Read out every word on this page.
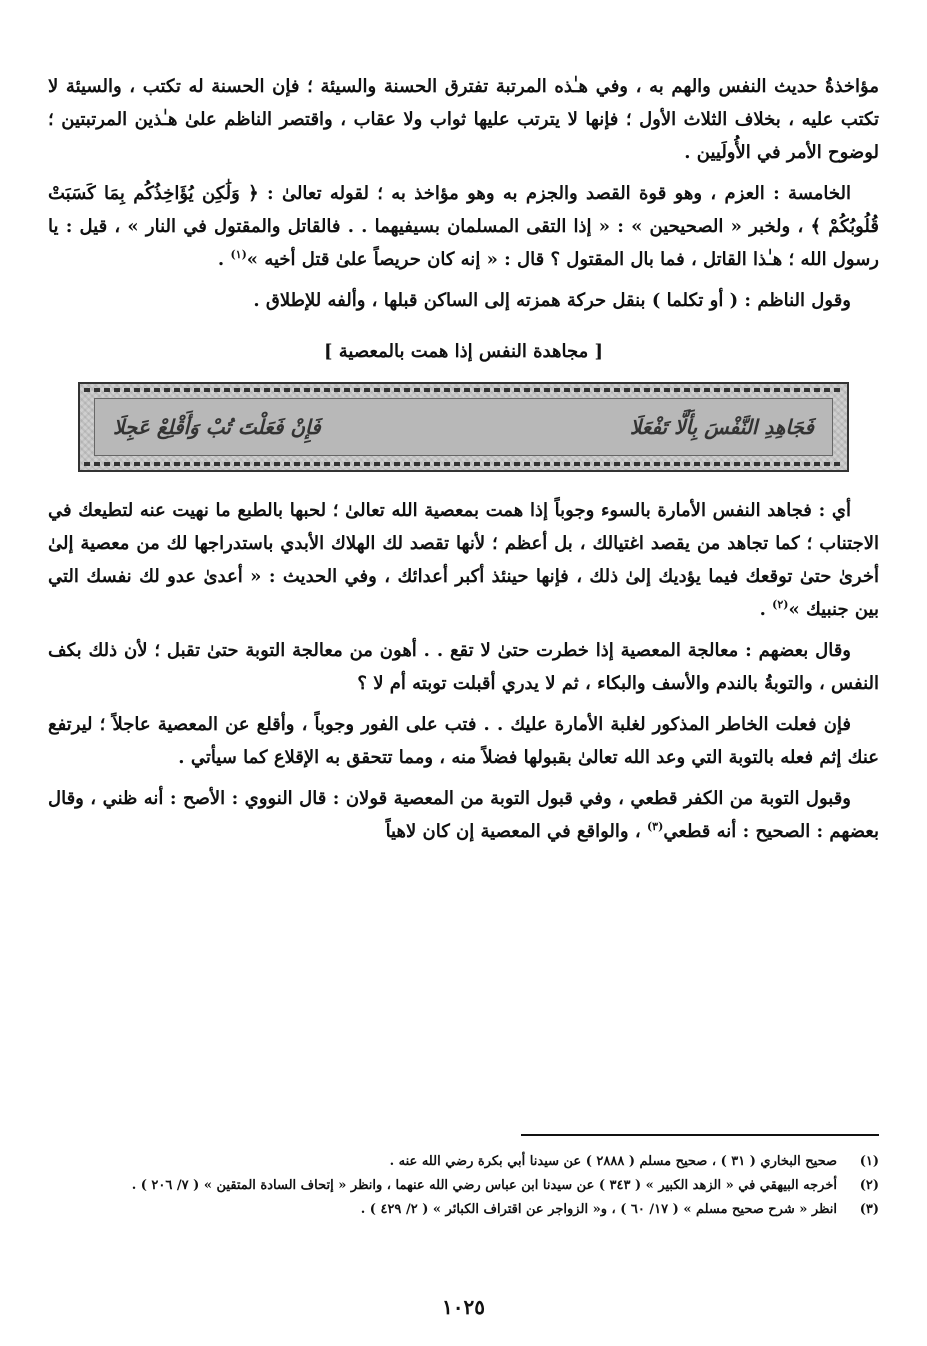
مؤاخذةُ حديث النفس والهم به ، وفي هـٰذه المرتبة تفترق الحسنة والسيئة ؛ فإن الحسنة له تكتب ، والسيئة لا تكتب عليه ، بخلاف الثلاث الأول ؛ فإنها لا يترتب عليها ثواب ولا عقاب ، واقتصر الناظم علىٰ هـٰذين المرتبتين ؛ لوضوح الأمر في الأُولَيين .

الخامسة : العزم ، وهو قوة القصد والجزم به وهو مؤاخذ به ؛ لقوله تعالىٰ : ﴿ وَلَٰكِن يُؤَاخِذُكُم بِمَا كَسَبَتْ قُلُوبُكُمْ ﴾ ، ولخبر « الصحيحين » : « إذا التقى المسلمان بسيفيهما . . فالقاتل والمقتول في النار » ، قيل : يا رسول الله ؛ هـٰذا القاتل ، فما بال المقتول ؟ قال : « إنه كان حريصاً علىٰ قتل أخيه »$^{(١)}$ .

وقول الناظم : ( أو تكلما ) بنقل حركة همزته إلى الساكن قبلها ، وألفه للإطلاق .

[ مجاهدة النفس إذا همت بالمعصية ]
فَجَاهِدِ النَّفْسَ بِأَلَّا تَفْعَلَا
فَإِنْ فَعَلْتَ تُبْ وَأَقْلِعْ عَجِلَا

أي : فجاهد النفس الأمارة بالسوء وجوباً إذا همت بمعصية الله تعالىٰ ؛ لحبها بالطبع ما نهيت عنه لتطيعك في الاجتناب ؛ كما تجاهد من يقصد اغتيالك ، بل أعظم ؛ لأنها تقصد لك الهلاك الأبدي باستدراجها لك من معصية إلىٰ أخرىٰ حتىٰ توقعك فيما يؤديك إلىٰ ذلك ، فإنها حينئذ أكبر أعدائك ، وفي الحديث : « أعدىٰ عدو لك نفسك التي بين جنبيك »$^{(٢)}$ .

وقال بعضهم : معالجة المعصية إذا خطرت حتىٰ لا تقع . . أهون من معالجة التوبة حتىٰ تقبل ؛ لأن ذلك بكف النفس ، والتوبةُ بالندم والأسف والبكاء ، ثم لا يدري أقبلت توبته أم لا ؟

فإن فعلت الخاطر المذكور لغلبة الأمارة عليك . . فتب على الفور وجوباً ، وأقلع عن المعصية عاجلاً ؛ ليرتفع عنك إثم فعله بالتوبة التي وعد الله تعالىٰ بقبولها فضلاً منه ، ومما تتحقق به الإقلاع كما سيأتي .

وقبول التوبة من الكفر قطعي ، وفي قبول التوبة من المعصية قولان : قال النووي : الأصح : أنه ظني ، وقال بعضهم : الصحيح : أنه قطعي$^{(٣)}$ ، والواقع في المعصية إن كان لاهياً

(١)
صحيح البخاري ( ٣١ ) ، صحيح مسلم ( ٢٨٨٨ ) عن سيدنا أبي بكرة رضي الله عنه .
(٢)
أخرجه البيهقي في « الزهد الكبير » ( ٣٤٣ ) عن سيدنا ابن عباس رضي الله عنهما ، وانظر « إتحاف السادة المتقين » ( ٧/ ٢٠٦ ) .
(٣)
انظر « شرح صحيح مسلم » ( ١٧/ ٦٠ ) ، و« الزواجر عن اقتراف الكبائر » ( ٢/ ٤٢٩ ) .
١٠٢٥
